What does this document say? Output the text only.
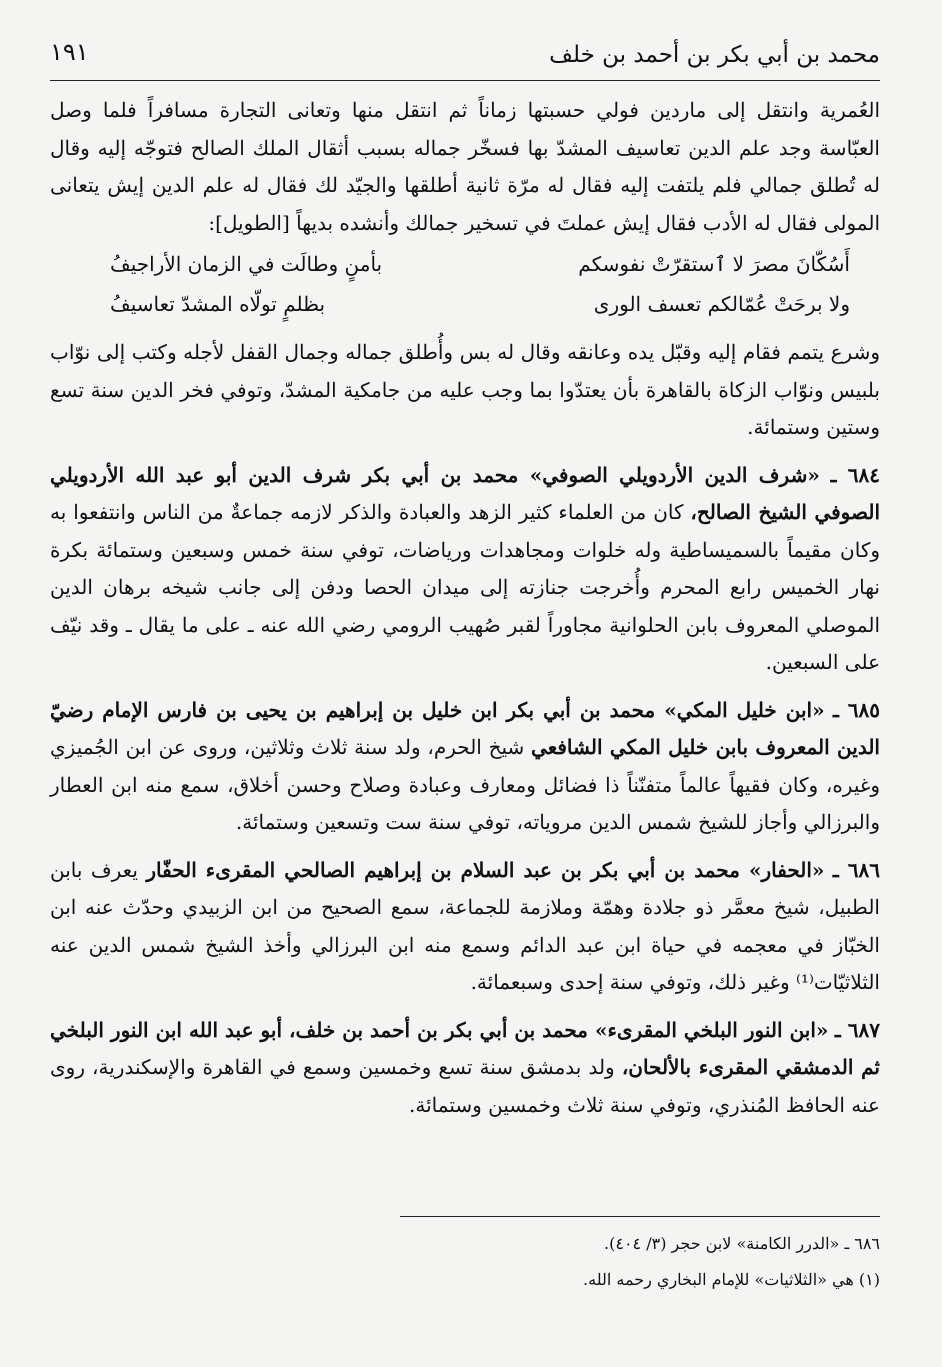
محمد بن أبي بكر بن أحمد بن خلف
١٩١

العُمرية وانتقل إلى ماردين فولي حسبتها زماناً ثم انتقل منها وتعانى التجارة مسافراً فلما وصل العبّاسة وجد علم الدين تعاسيف المشدّ بها فسخّر جماله بسبب أثقال الملك الصالح فتوجّه إليه وقال له تُطلق جمالي فلم يلتفت إليه فقال له مرّة ثانية أطلقها والجيّد لك فقال له علم الدين إيش يتعانى المولى فقال له الأدب فقال إيش عملتَ في تسخير جمالك وأنشده بديهاً [الطويل]:

أَسُكّانَ مصرَ لا ٱستقرّتْ نفوسكم
بأمنٍ وطالَت في الزمان الأراجيفُ
ولا برحَتْ عُمّالكم تعسف الورى
بظلمٍ تولّاه المشدّ تعاسيفُ

وشرع يتمم فقام إليه وقبّل يده وعانقه وقال له بس وأُطلق جماله وجمال القفل لأجله وكتب إلى نوّاب بلبيس ونوّاب الزكاة بالقاهرة بأن يعتدّوا بما وجب عليه من جامكية المشدّ، وتوفي فخر الدين سنة تسع وستين وستمائة.

٦٨٤ ـ «شرف الدين الأردويلي الصوفي» محمد بن أبي بكر شرف الدين أبو عبد الله الأردويلي الصوفي الشيخ الصالح، كان من العلماء كثير الزهد والعبادة والذكر لازمه جماعةٌ من الناس وانتفعوا به وكان مقيماً بالسميساطية وله خلوات ومجاهدات ورياضات، توفي سنة خمس وسبعين وستمائة بكرة نهار الخميس رابع المحرم وأُخرجت جنازته إلى ميدان الحصا ودفن إلى جانب شيخه برهان الدين الموصلي المعروف بابن الحلوانية مجاوراً لقبر صُهيب الرومي رضي الله عنه ـ على ما يقال ـ وقد نيّف على السبعين.

٦٨٥ ـ «ابن خليل المكي» محمد بن أبي بكر ابن خليل بن إبراهيم بن يحيى بن فارس الإمام رضيّ الدين المعروف بابن خليل المكي الشافعي شيخ الحرم، ولد سنة ثلاث وثلاثين، وروى عن ابن الجُميزي وغيره، وكان فقيهاً عالماً متفنّناً ذا فضائل ومعارف وعبادة وصلاح وحسن أخلاق، سمع منه ابن العطار والبرزالي وأجاز للشيخ شمس الدين مروياته، توفي سنة ست وتسعين وستمائة.

٦٨٦ ـ «الحفار» محمد بن أبي بكر بن عبد السلام بن إبراهيم الصالحي المقرىء الحفّار يعرف بابن الطبيل، شيخ معمَّر ذو جلادة وهمّة وملازمة للجماعة، سمع الصحيح من ابن الزبيدي وحدّث عنه ابن الخبّاز في معجمه في حياة ابن عبد الدائم وسمع منه ابن البرزالي وأخذ الشيخ شمس الدين عنه الثلاثيّات⁽¹⁾ وغير ذلك، وتوفي سنة إحدى وسبعمائة.

٦٨٧ ـ «ابن النور البلخي المقرىء» محمد بن أبي بكر بن أحمد بن خلف، أبو عبد الله ابن النور البلخي ثم الدمشقي المقرىء بالألحان، ولد بدمشق سنة تسع وخمسين وسمع في القاهرة والإسكندرية، روى عنه الحافظ المُنذري، وتوفي سنة ثلاث وخمسين وستمائة.

٦٨٦ ـ «الدرر الكامنة» لابن حجر (٣/ ٤٠٤).

(١) هي «الثلاثيات» للإمام البخاري رحمه الله.
